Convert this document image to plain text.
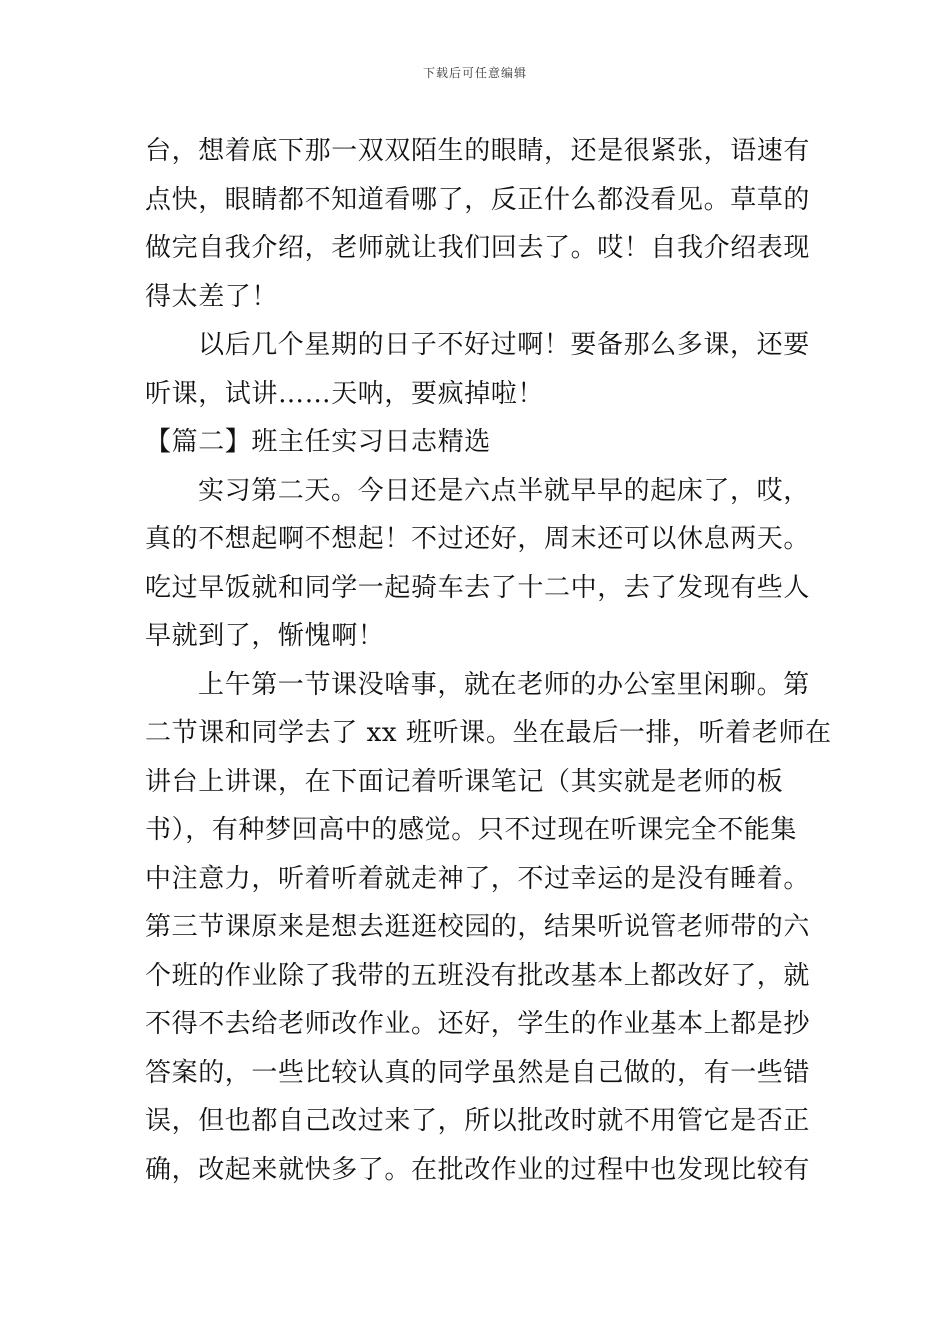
下载后可任意编辑
台，想着底下那一双双陌生的眼睛，还是很紧张，语速有
点快，眼睛都不知道看哪了，反正什么都没看见。草草的
做完自我介绍，老师就让我们回去了。哎！自我介绍表现
得太差了！
以后几个星期的日子不好过啊！要备那么多课，还要
听课，试讲……天呐，要疯掉啦！
【篇二】班主任实习日志精选
实习第二天。今日还是六点半就早早的起床了，哎，
真的不想起啊不想起！不过还好，周末还可以休息两天。
吃过早饭就和同学一起骑车去了十二中，去了发现有些人
早就到了，惭愧啊！
上午第一节课没啥事，就在老师的办公室里闲聊。第
二节课和同学去了 xx 班听课。坐在最后一排，听着老师在
讲台上讲课，在下面记着听课笔记（其实就是老师的板
书），有种梦回高中的感觉。只不过现在听课完全不能集
中注意力，听着听着就走神了，不过幸运的是没有睡着。
第三节课原来是想去逛逛校园的，结果听说管老师带的六
个班的作业除了我带的五班没有批改基本上都改好了，就
不得不去给老师改作业。还好，学生的作业基本上都是抄
答案的，一些比较认真的同学虽然是自己做的，有一些错
误，但也都自己改过来了，所以批改时就不用管它是否正
确，改起来就快多了。在批改作业的过程中也发现比较有
